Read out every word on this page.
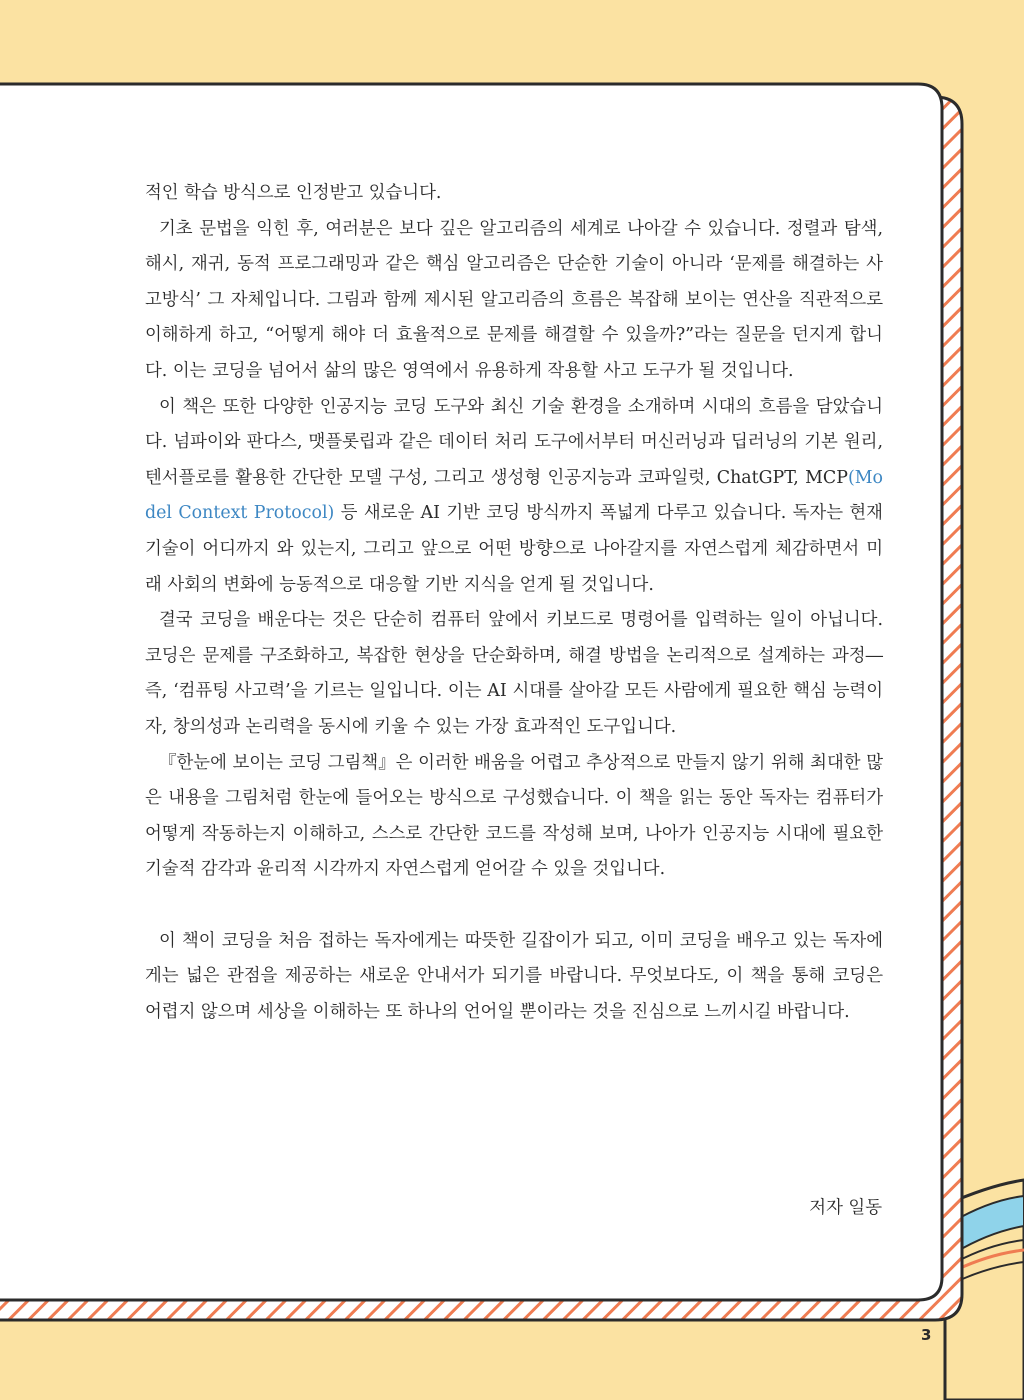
적인 학습 방식으로 인정받고 있습니다.

기초 문법을 익힌 후, 여러분은 보다 깊은 알고리즘의 세계로 나아갈 수 있습니다. 정렬과 탐색, 해시, 재귀, 동적 프로그래밍과 같은 핵심 알고리즘은 단순한 기술이 아니라 ‘문제를 해결하는 사고방식’ 그 자체입니다. 그림과 함께 제시된 알고리즘의 흐름은 복잡해 보이는 연산을 직관적으로 이해하게 하고, “어떻게 해야 더 효율적으로 문제를 해결할 수 있을까?”라는 질문을 던지게 합니다. 이는 코딩을 넘어서 삶의 많은 영역에서 유용하게 작용할 사고 도구가 될 것입니다.

이 책은 또한 다양한 인공지능 코딩 도구와 최신 기술 환경을 소개하며 시대의 흐름을 담았습니다. 넘파이와 판다스, 맷플롯립과 같은 데이터 처리 도구에서부터 머신러닝과 딥러닝의 기본 원리, 텐서플로를 활용한 간단한 모델 구성, 그리고 생성형 인공지능과 코파일럿, ChatGPT, MCP(Model Context Protocol) 등 새로운 AI 기반 코딩 방식까지 폭넓게 다루고 있습니다. 독자는 현재 기술이 어디까지 와 있는지, 그리고 앞으로 어떤 방향으로 나아갈지를 자연스럽게 체감하면서 미래 사회의 변화에 능동적으로 대응할 기반 지식을 얻게 될 것입니다.

결국 코딩을 배운다는 것은 단순히 컴퓨터 앞에서 키보드로 명령어를 입력하는 일이 아닙니다. 코딩은 문제를 구조화하고, 복잡한 현상을 단순화하며, 해결 방법을 논리적으로 설계하는 과정―즉, ‘컴퓨팅 사고력’을 기르는 일입니다. 이는 AI 시대를 살아갈 모든 사람에게 필요한 핵심 능력이자, 창의성과 논리력을 동시에 키울 수 있는 가장 효과적인 도구입니다.

『한눈에 보이는 코딩 그림책』은 이러한 배움을 어렵고 추상적으로 만들지 않기 위해 최대한 많은 내용을 그림처럼 한눈에 들어오는 방식으로 구성했습니다. 이 책을 읽는 동안 독자는 컴퓨터가 어떻게 작동하는지 이해하고, 스스로 간단한 코드를 작성해 보며, 나아가 인공지능 시대에 필요한 기술적 감각과 윤리적 시각까지 자연스럽게 얻어갈 수 있을 것입니다.

이 책이 코딩을 처음 접하는 독자에게는 따뜻한 길잡이가 되고, 이미 코딩을 배우고 있는 독자에게는 넓은 관점을 제공하는 새로운 안내서가 되기를 바랍니다. 무엇보다도, 이 책을 통해 코딩은 어렵지 않으며 세상을 이해하는 또 하나의 언어일 뿐이라는 것을 진심으로 느끼시길 바랍니다.

저자 일동
3
